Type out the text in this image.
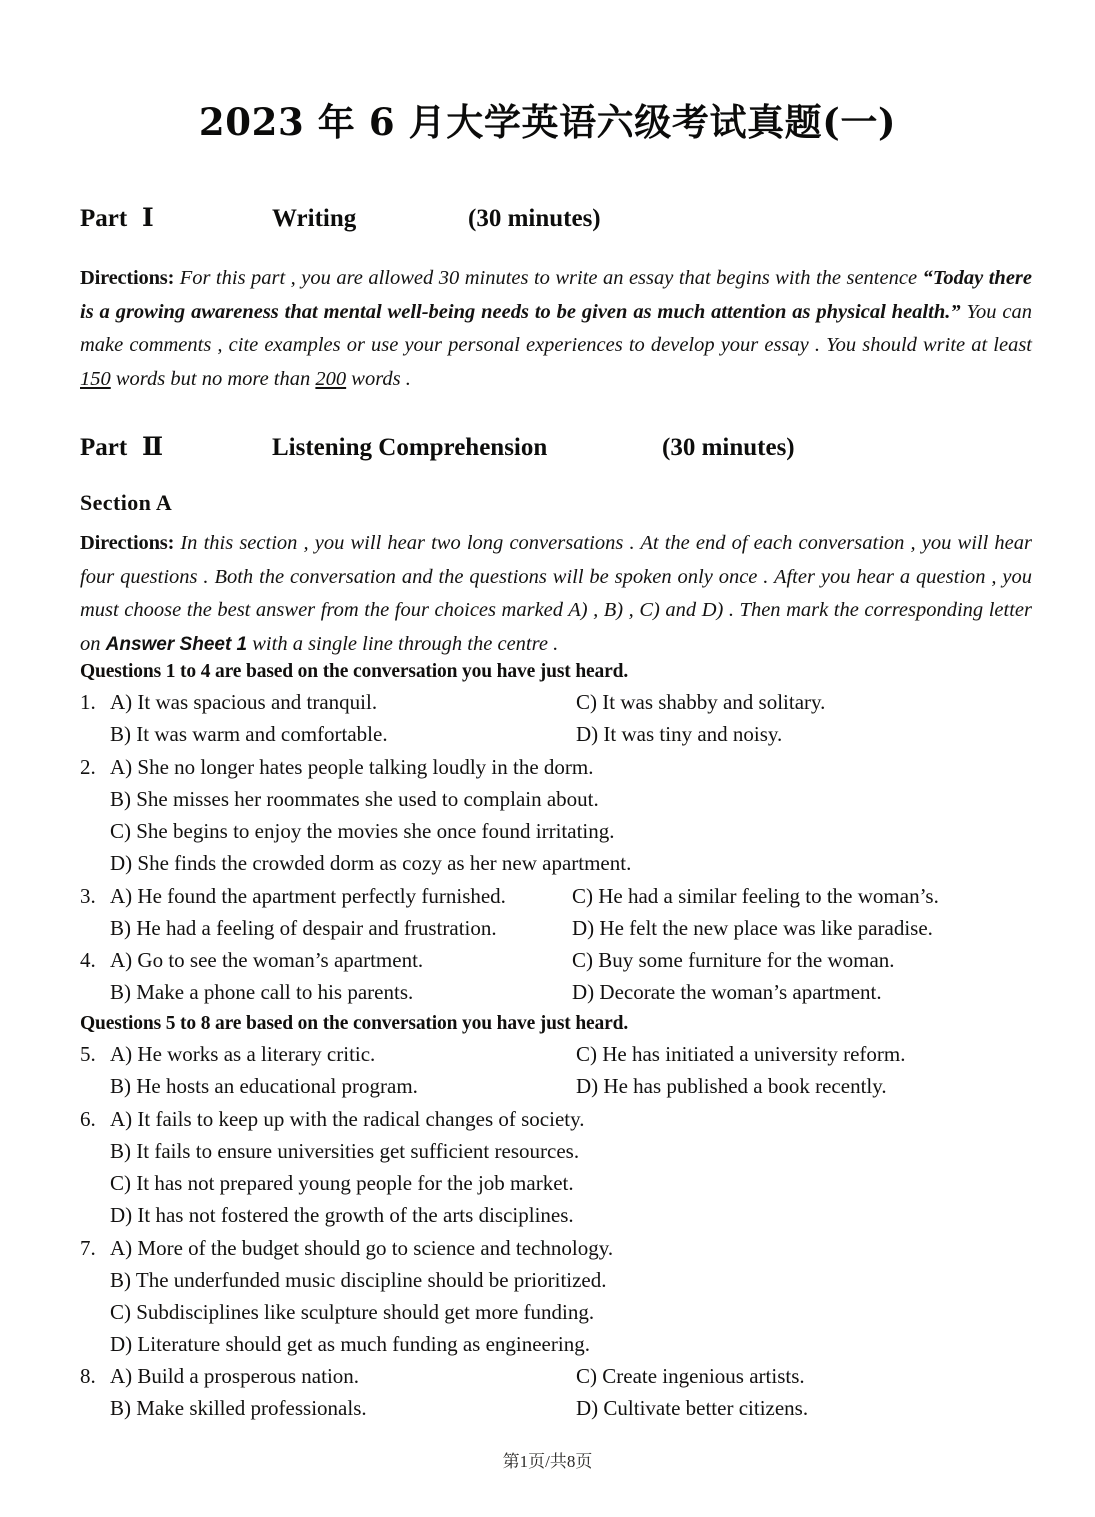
2023 年 6 月大学英语六级考试真题(一)
Part Ⅰ	Writing	(30 minutes)
Directions: For this part , you are allowed 30 minutes to write an essay that begins with the sentence “Today there is a growing awareness that mental well-being needs to be given as much attention as physical health.” You can make comments , cite examples or use your personal experiences to develop your essay . You should write at least 150 words but no more than 200 words .
Part Ⅱ	Listening Comprehension	(30 minutes)
Section A
Directions: In this section , you will hear two long conversations . At the end of each conversation , you will hear four questions . Both the conversation and the questions will be spoken only once . After you hear a question , you must choose the best answer from the four choices marked A) , B) , C) and D) . Then mark the corresponding letter on Answer Sheet 1 with a single line through the centre .
Questions 1 to 4 are based on the conversation you have just heard.
1. A) It was spacious and tranquil.	C) It was shabby and solitary.
B) It was warm and comfortable.	D) It was tiny and noisy.
2. A) She no longer hates people talking loudly in the dorm.
B) She misses her roommates she used to complain about.
C) She begins to enjoy the movies she once found irritating.
D) She finds the crowded dorm as cozy as her new apartment.
3. A) He found the apartment perfectly furnished.	C) He had a similar feeling to the woman’s.
B) He had a feeling of despair and frustration.	D) He felt the new place was like paradise.
4. A) Go to see the woman’s apartment.	C) Buy some furniture for the woman.
B) Make a phone call to his parents.	D) Decorate the woman’s apartment.
Questions 5 to 8 are based on the conversation you have just heard.
5. A) He works as a literary critic.	C) He has initiated a university reform.
B) He hosts an educational program.	D) He has published a book recently.
6. A) It fails to keep up with the radical changes of society.
B) It fails to ensure universities get sufficient resources.
C) It has not prepared young people for the job market.
D) It has not fostered the growth of the arts disciplines.
7. A) More of the budget should go to science and technology.
B) The underfunded music discipline should be prioritized.
C) Subdisciplines like sculpture should get more funding.
D) Literature should get as much funding as engineering.
8. A) Build a prosperous nation.	C) Create ingenious artists.
B) Make skilled professionals.	D) Cultivate better citizens.
第1页/共8页
